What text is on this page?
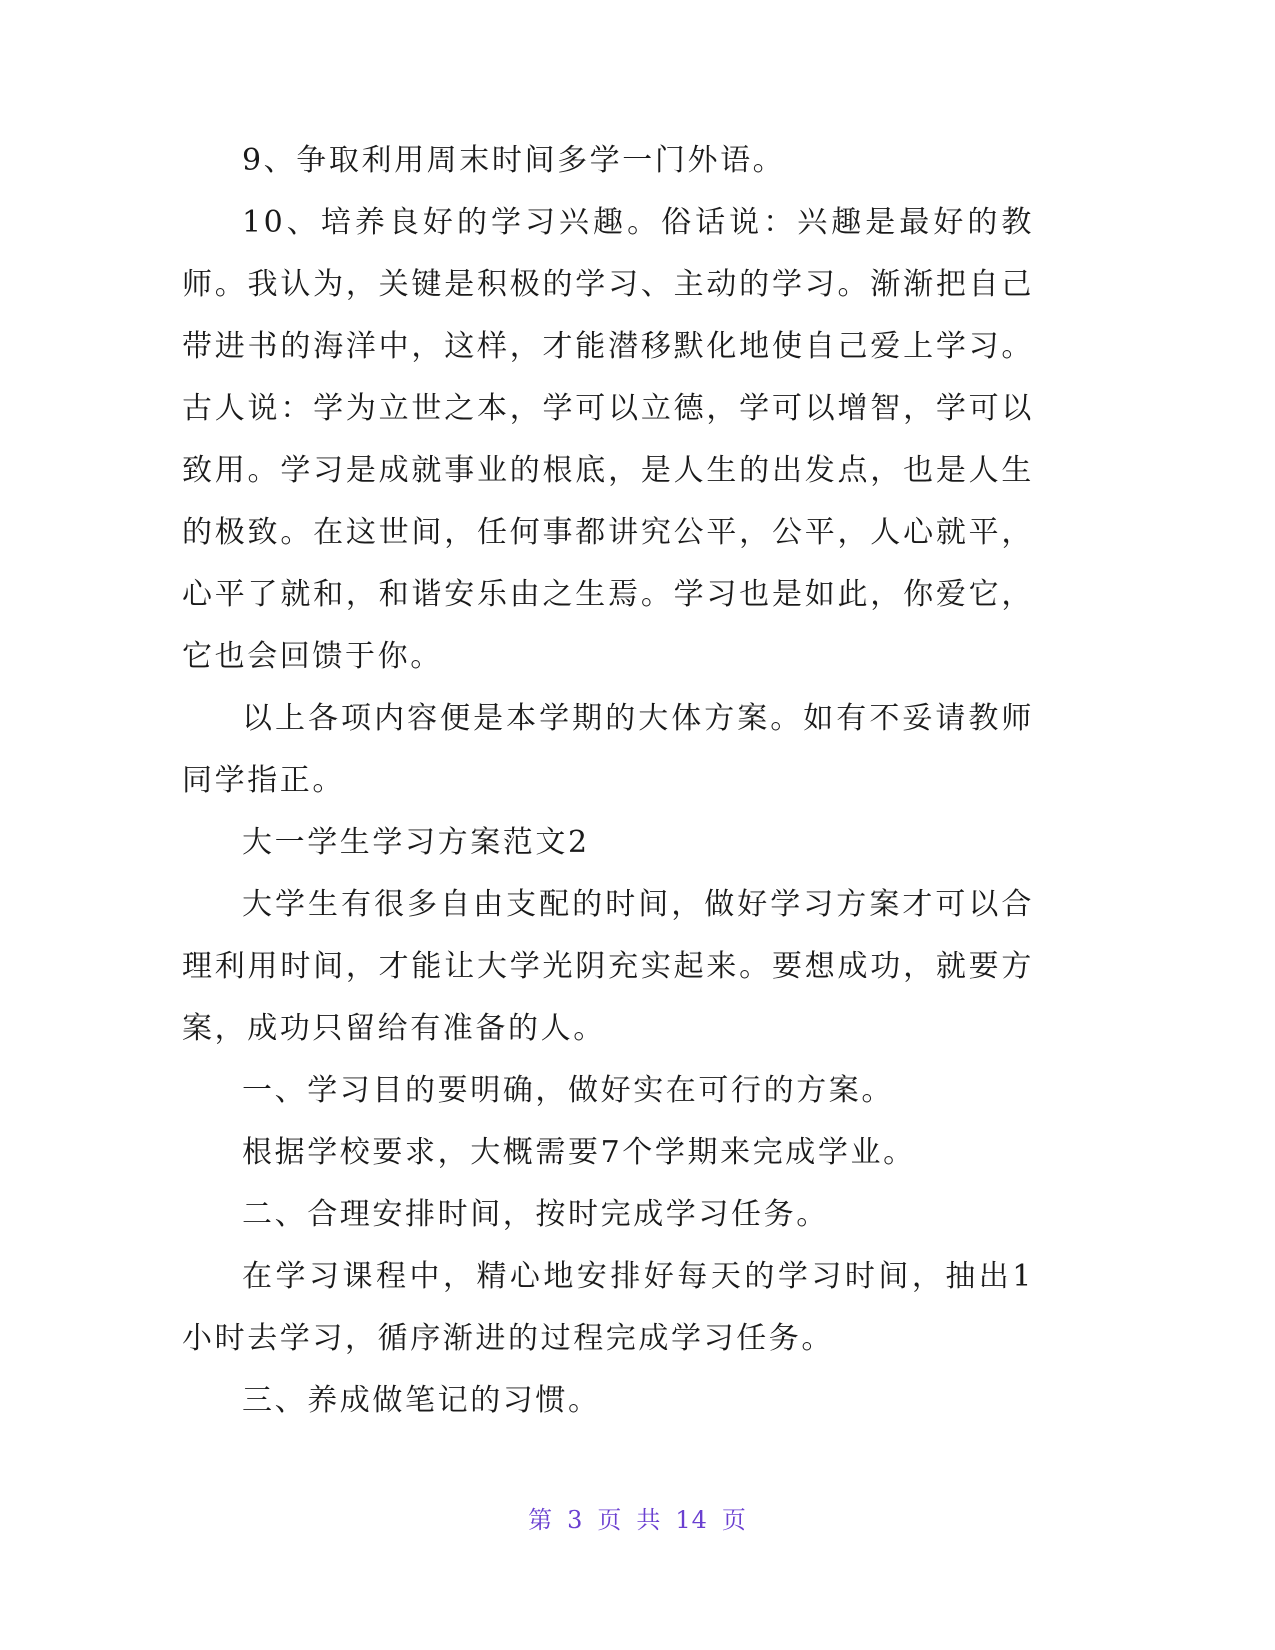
9、争取利用周末时间多学一门外语。

10、培养良好的学习兴趣。俗话说：兴趣是最好的教师。我认为，关键是积极的学习、主动的学习。渐渐把自己带进书的海洋中，这样，才能潜移默化地使自己爱上学习。古人说：学为立世之本，学可以立德，学可以增智，学可以致用。学习是成就事业的根底，是人生的出发点，也是人生的极致。在这世间，任何事都讲究公平，公平，人心就平，心平了就和，和谐安乐由之生焉。学习也是如此，你爱它，它也会回馈于你。

以上各项内容便是本学期的大体方案。如有不妥请教师同学指正。

大一学生学习方案范文2

大学生有很多自由支配的时间，做好学习方案才可以合理利用时间，才能让大学光阴充实起来。要想成功，就要方案，成功只留给有准备的人。

一、学习目的要明确，做好实在可行的方案。

根据学校要求，大概需要7个学期来完成学业。

二、合理安排时间，按时完成学习任务。

在学习课程中，精心地安排好每天的学习时间，抽出1小时去学习，循序渐进的过程完成学习任务。

三、养成做笔记的习惯。

第 3 页 共 14 页
